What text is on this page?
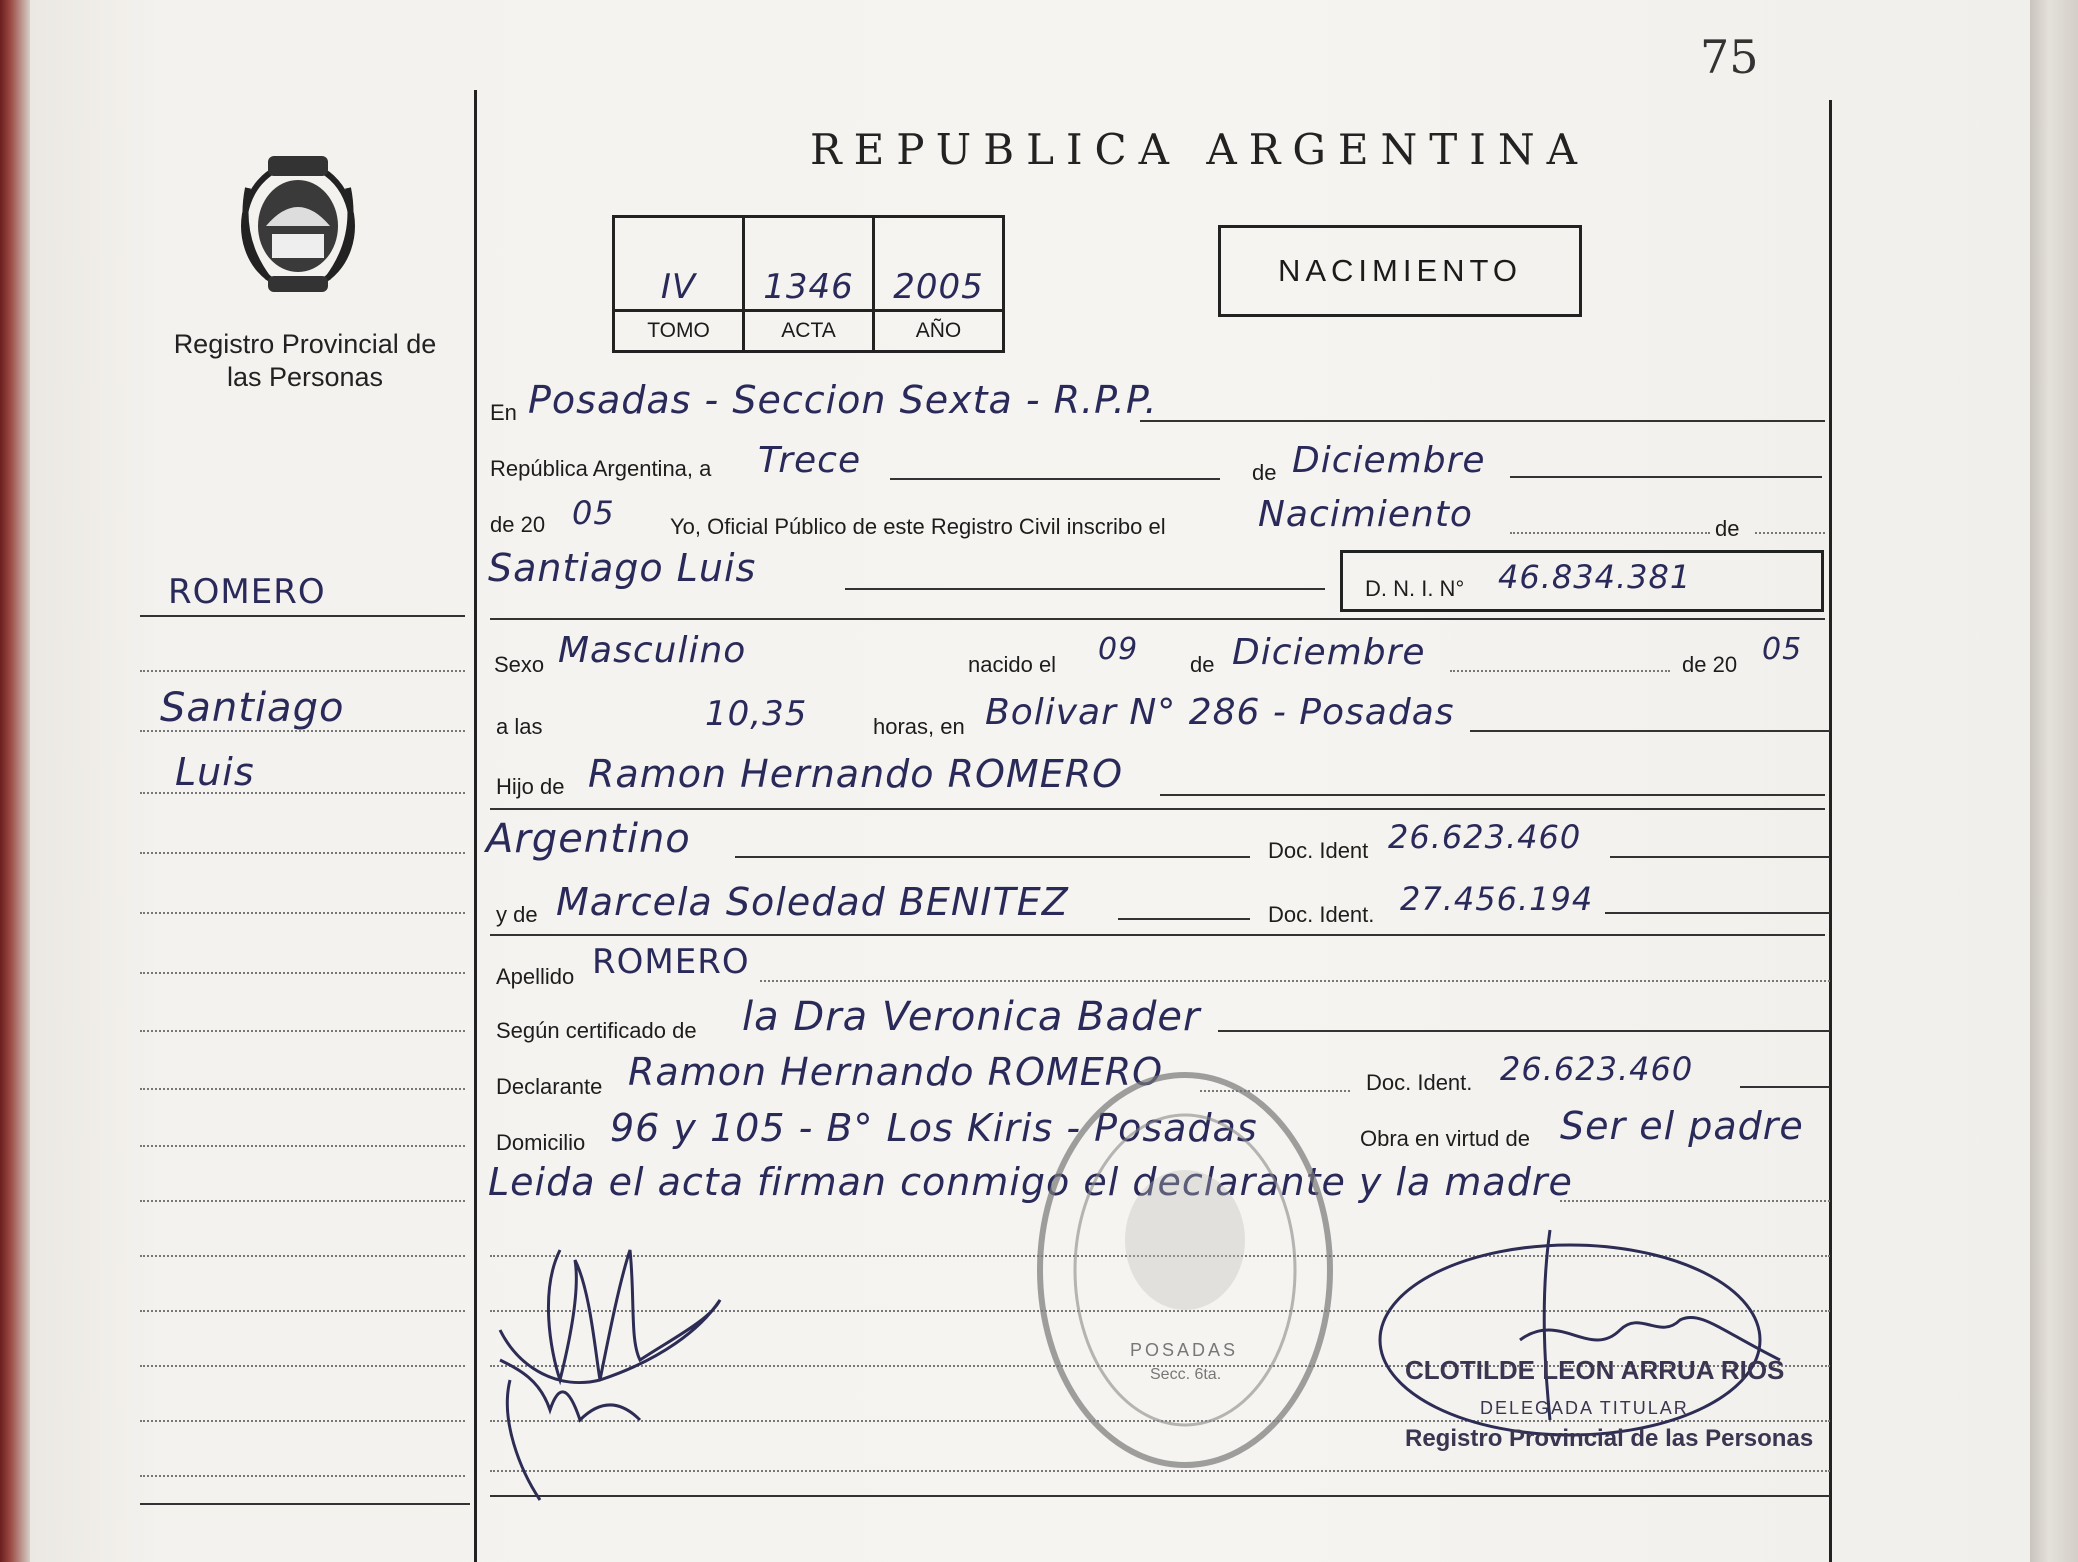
75
Registro Provincial de las Personas
ROMERO
Santiago
Luis
REPUBLICA ARGENTINA
IV	1346	2005
TOMO	ACTA	AÑO
NACIMIENTO
En Posadas - Seccion Sexta - R.P.P.
República Argentina, a Trece	de Diciembre
de 20 05	Yo, Oficial Público de este Registro Civil inscribo el	Nacimiento	de
Santiago Luis	D. N. I. N° 46.834.381
Sexo Masculino	nacido el 09 de Diciembre	de 20 05
a las	10,35	horas, en Bolivar N° 286 - Posadas
Hijo de Ramon Hernando ROMERO
Argentino	Doc. Ident 26.623.460
y de Marcela Soledad BENITEZ	Doc. Ident. 27.456.194
Apellido ROMERO
Según certificado de la Dra Veronica Bader
Declarante Ramon Hernando ROMERO	Doc. Ident. 26.623.460
Domicilio 96 y 105 - B° Los Kiris - Posadas	Obra en virtud de Ser el padre
Leida el acta firman conmigo el declarante y la madre
POSADAS
Secc. 6ta.	CLOTILDE LEON ARRUA RIOS
DELEGADA TITULAR
Registro Provincial de las Personas
